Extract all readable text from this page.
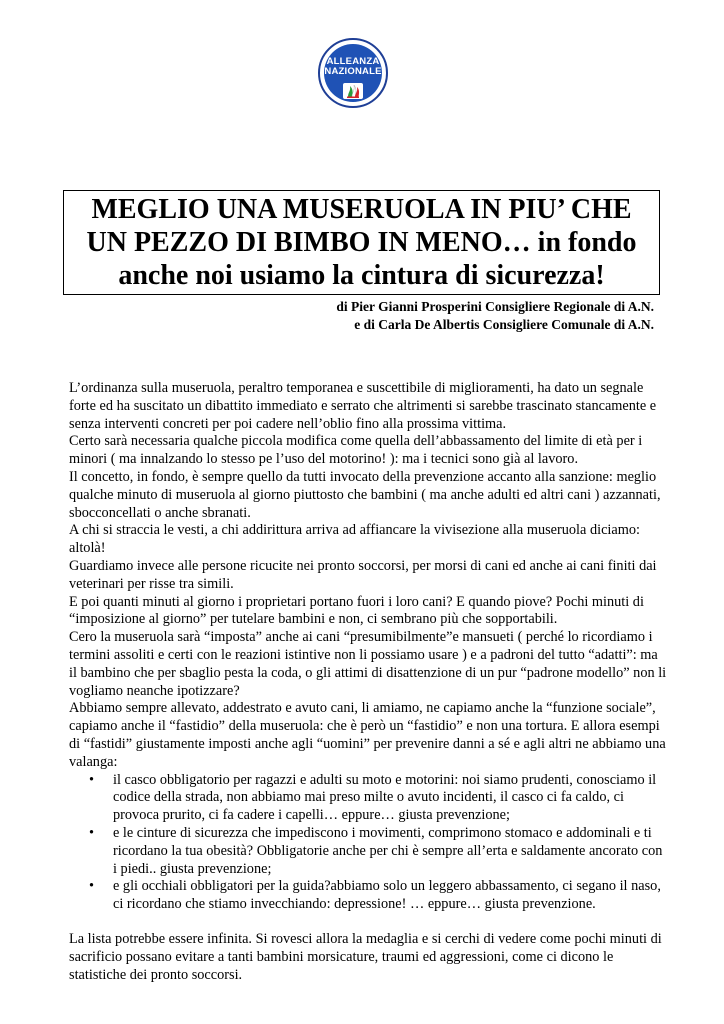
ALLEANZA
NAZIONALE
MEGLIO UNA MUSERUOLA IN PIU’ CHE
UN PEZZO DI BIMBO IN MENO… in fondo
anche noi usiamo la cintura di sicurezza!
di Pier Gianni Prosperini Consigliere Regionale di A.N.
e di Carla De Albertis Consigliere Comunale di A.N.

L’ordinanza sulla museruola, peraltro temporanea e suscettibile di miglioramenti, ha dato un segnale forte ed ha suscitato un dibattito immediato e serrato che altrimenti si sarebbe trascinato stancamente e senza interventi concreti per poi cadere nell’oblio fino alla prossima vittima.

Certo sarà necessaria qualche piccola modifica come quella dell’abbassamento del limite di età per i minori ( ma innalzando lo stesso pe l’uso del motorino! ): ma i tecnici sono già al lavoro.

Il concetto, in fondo, è sempre quello da tutti invocato della prevenzione accanto alla sanzione: meglio qualche minuto di museruola al giorno piuttosto che bambini ( ma anche adulti ed altri cani ) azzannati, sbocconcellati o anche sbranati.

A chi si straccia le vesti, a chi addirittura arriva ad affiancare la vivisezione alla museruola diciamo: altolà!

Guardiamo invece alle persone ricucite nei pronto soccorsi, per morsi di cani ed anche ai cani finiti dai veterinari per risse tra simili.

E poi quanti minuti al giorno i proprietari portano fuori i loro cani? E quando piove? Pochi minuti di “imposizione al giorno” per tutelare bambini e non, ci sembrano più che sopportabili.

Cero la museruola sarà “imposta” anche ai cani “presumibilmente”e mansueti ( perché lo ricordiamo i termini assoliti e certi con le reazioni istintive non li possiamo usare ) e a padroni del tutto “adatti”: ma il bambino che per sbaglio pesta la coda, o gli attimi di disattenzione di un pur “padrone modello” non li vogliamo neanche ipotizzare?

Abbiamo sempre allevato, addestrato e avuto cani, li amiamo, ne capiamo anche la “funzione sociale”, capiamo anche il “fastidio” della museruola: che è però un “fastidio” e non una tortura. E allora esempi di “fastidi” giustamente imposti anche agli “uomini” per prevenire danni a sé e agli altri ne abbiamo una valanga:

• il casco obbligatorio per ragazzi e adulti su moto e motorini: noi siamo prudenti, conosciamo il codice della strada, non abbiamo mai preso milte o avuto incidenti, il casco ci fa caldo, ci provoca prurito, ci fa cadere i capelli… eppure… giusta prevenzione;
• e le cinture di sicurezza che impediscono i movimenti, comprimono stomaco e addominali e ti ricordano la tua obesità? Obbligatorie anche per chi è sempre all’erta e saldamente ancorato con i piedi.. giusta prevenzione;
• e gli occhiali obbligatori per la guida?abbiamo solo un leggero abbassamento, ci segano il naso, ci ricordano che stiamo invecchiando: depressione! … eppure… giusta prevenzione.

La lista potrebbe essere infinita. Si rovesci allora la medaglia e si cerchi di vedere come pochi minuti di sacrificio possano evitare a tanti bambini morsicature, traumi ed aggressioni, come ci dicono le statistiche dei pronto soccorsi.
